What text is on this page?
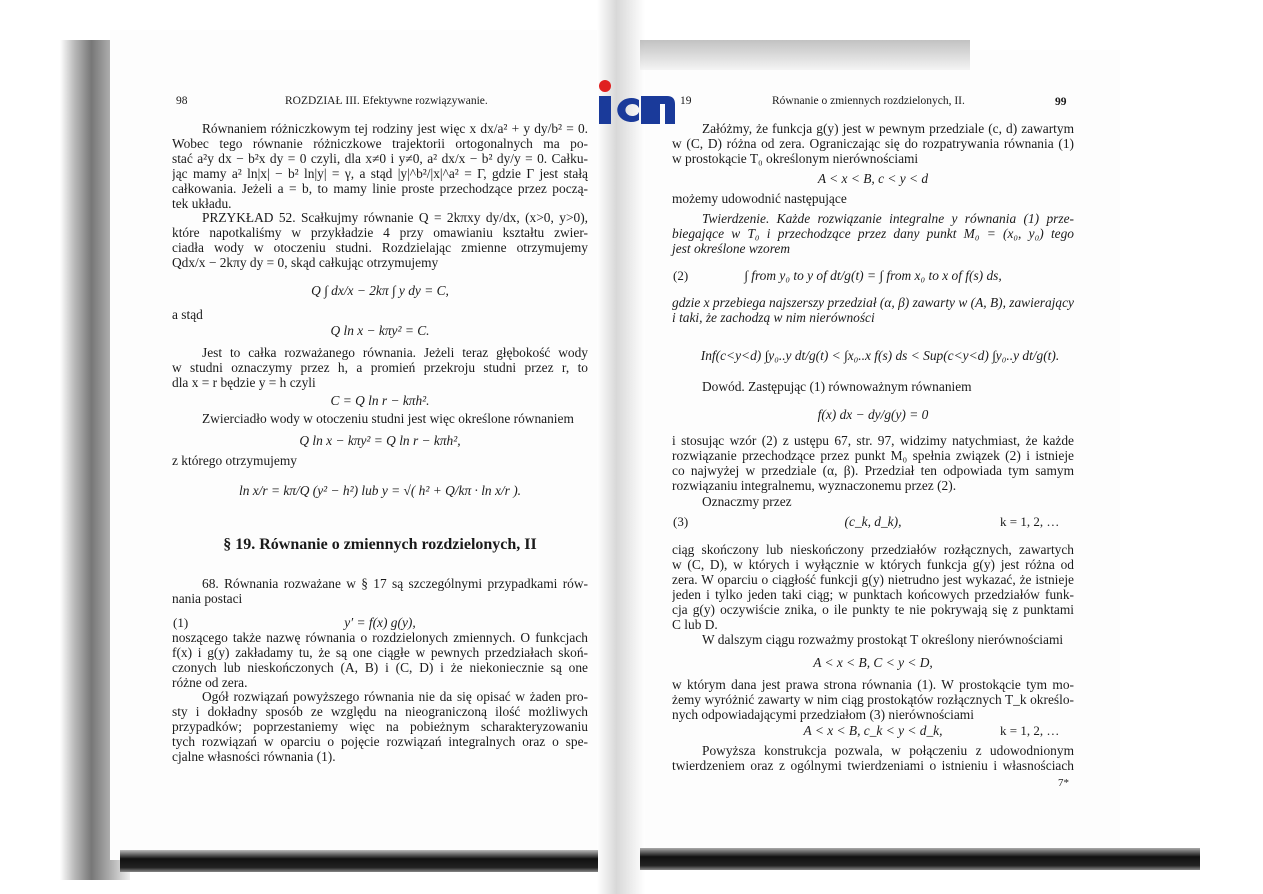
98	ROZDZIAŁ III. Efektywne rozwiązywanie.	19	Równanie o zmiennych rozdzielonych, II.	99
(1)
(2)
(3)	k = 1, 2, …
k = 1, 2, …
7*
Równaniem różniczkowym tej rodziny jest więc x dx/a² + y dy/b² = 0.
Wobec tego równanie różniczkowe trajektorii ortogonalnych ma po-
stać a²y dx − b²x dy = 0 czyli, dla x≠0 i y≠0, a² dx/x − b² dy/y = 0. Całku-
jąc mamy a² ln|x| − b² ln|y| = γ, a stąd |y|^b²/|x|^a² = Γ, gdzie Γ jest stałą
całkowania. Jeżeli a = b, to mamy linie proste przechodzące przez począ-
tek układu.
PRZYKŁAD 52. Scałkujmy równanie Q = 2kπxy dy/dx, (x>0, y>0),
które napotkaliśmy w przykładzie 4 przy omawianiu kształtu zwier-
ciadła wody w otoczeniu studni. Rozdzielając zmienne otrzymujemy
Qdx/x − 2kπy dy = 0, skąd całkując otrzymujemy
Q ∫ dx/x − 2kπ ∫ y dy = C,
a stąd
Q ln x − kπy² = C.
Jest to całka rozważanego równania. Jeżeli teraz głębokość wody
w studni oznaczymy przez h, a promień przekroju studni przez r, to
dla x = r będzie y = h czyli
C = Q ln r − kπh².
Zwierciadło wody w otoczeniu studni jest więc określone równaniem
Q ln x − kπy² = Q ln r − kπh²,
z którego otrzymujemy
ln x/r = kπ/Q (y² − h²) lub y = √( h² + Q/kπ · ln x/r ).
§ 19. Równanie o zmiennych rozdzielonych, II
68. Równania rozważane w § 17 są szczególnymi przypadkami rów-
nania postaci
y′ = f(x) g(y),
noszącego także nazwę równania o rozdzielonych zmiennych. O funkcjach
f(x) i g(y) zakładamy tu, że są one ciągłe w pewnych przedziałach skoń-
czonych lub nieskończonych (A, B) i (C, D) i że niekoniecznie są one
różne od zera.
Ogół rozwiązań powyższego równania nie da się opisać w żaden pro-
sty i dokładny sposób ze względu na nieograniczoną ilość możliwych
przypadków; poprzestaniemy więc na pobieżnym scharakteryzowaniu
tych rozwiązań w oparciu o pojęcie rozwiązań integralnych oraz o spe-
cjalne własności równania (1).
Załóżmy, że funkcja g(y) jest w pewnym przedziale (c, d) zawartym
w (C, D) różna od zera. Ograniczając się do rozpatrywania równania (1)
w prostokącie T₀ określonym nierównościami
A < x < B, c < y < d
możemy udowodnić następujące
Twierdzenie. Każde rozwiązanie integralne y równania (1) prze-
biegające w T₀ i przechodzące przez dany punkt M₀ = (x₀, y₀) tego
jest określone wzorem
∫ from y₀ to y of dt/g(t) = ∫ from x₀ to x of f(s) ds,
gdzie x przebiega najszerszy przedział (α, β) zawarty w (A, B), zawierający
i taki, że zachodzą w nim nierówności
Inf(c<y<d) ∫y₀..y dt/g(t) < ∫x₀..x f(s) ds < Sup(c<y<d) ∫y₀..y dt/g(t).
Dowód. Zastępując (1) równoważnym równaniem
f(x) dx − dy/g(y) = 0
i stosując wzór (2) z ustępu 67, str. 97, widzimy natychmiast, że każde
rozwiązanie przechodzące przez punkt M₀ spełnia związek (2) i istnieje
co najwyżej w przedziale (α, β). Przedział ten odpowiada tym samym
rozwiązaniu integralnemu, wyznaczonemu przez (2).
Oznaczmy przez
(c_k, d_k),
ciąg skończony lub nieskończony przedziałów rozłącznych, zawartych
w (C, D), w których i wyłącznie w których funkcja g(y) jest różna od
zera. W oparciu o ciągłość funkcji g(y) nietrudno jest wykazać, że istnieje
jeden i tylko jeden taki ciąg; w punktach końcowych przedziałów funk-
cja g(y) oczywiście znika, o ile punkty te nie pokrywają się z punktami
C lub D.
W dalszym ciągu rozważmy prostokąt T określony nierównościami
A < x < B, C < y < D,
w którym dana jest prawa strona równania (1). W prostokącie tym mo-
żemy wyróżnić zawarty w nim ciąg prostokątów rozłącznych T_k określo-
nych odpowiadającymi przedziałom (3) nierównościami
A < x < B, c_k < y < d_k,
Powyższa konstrukcja pozwala, w połączeniu z udowodnionym
twierdzeniem oraz z ogólnymi twierdzeniami o istnieniu i własnościach
